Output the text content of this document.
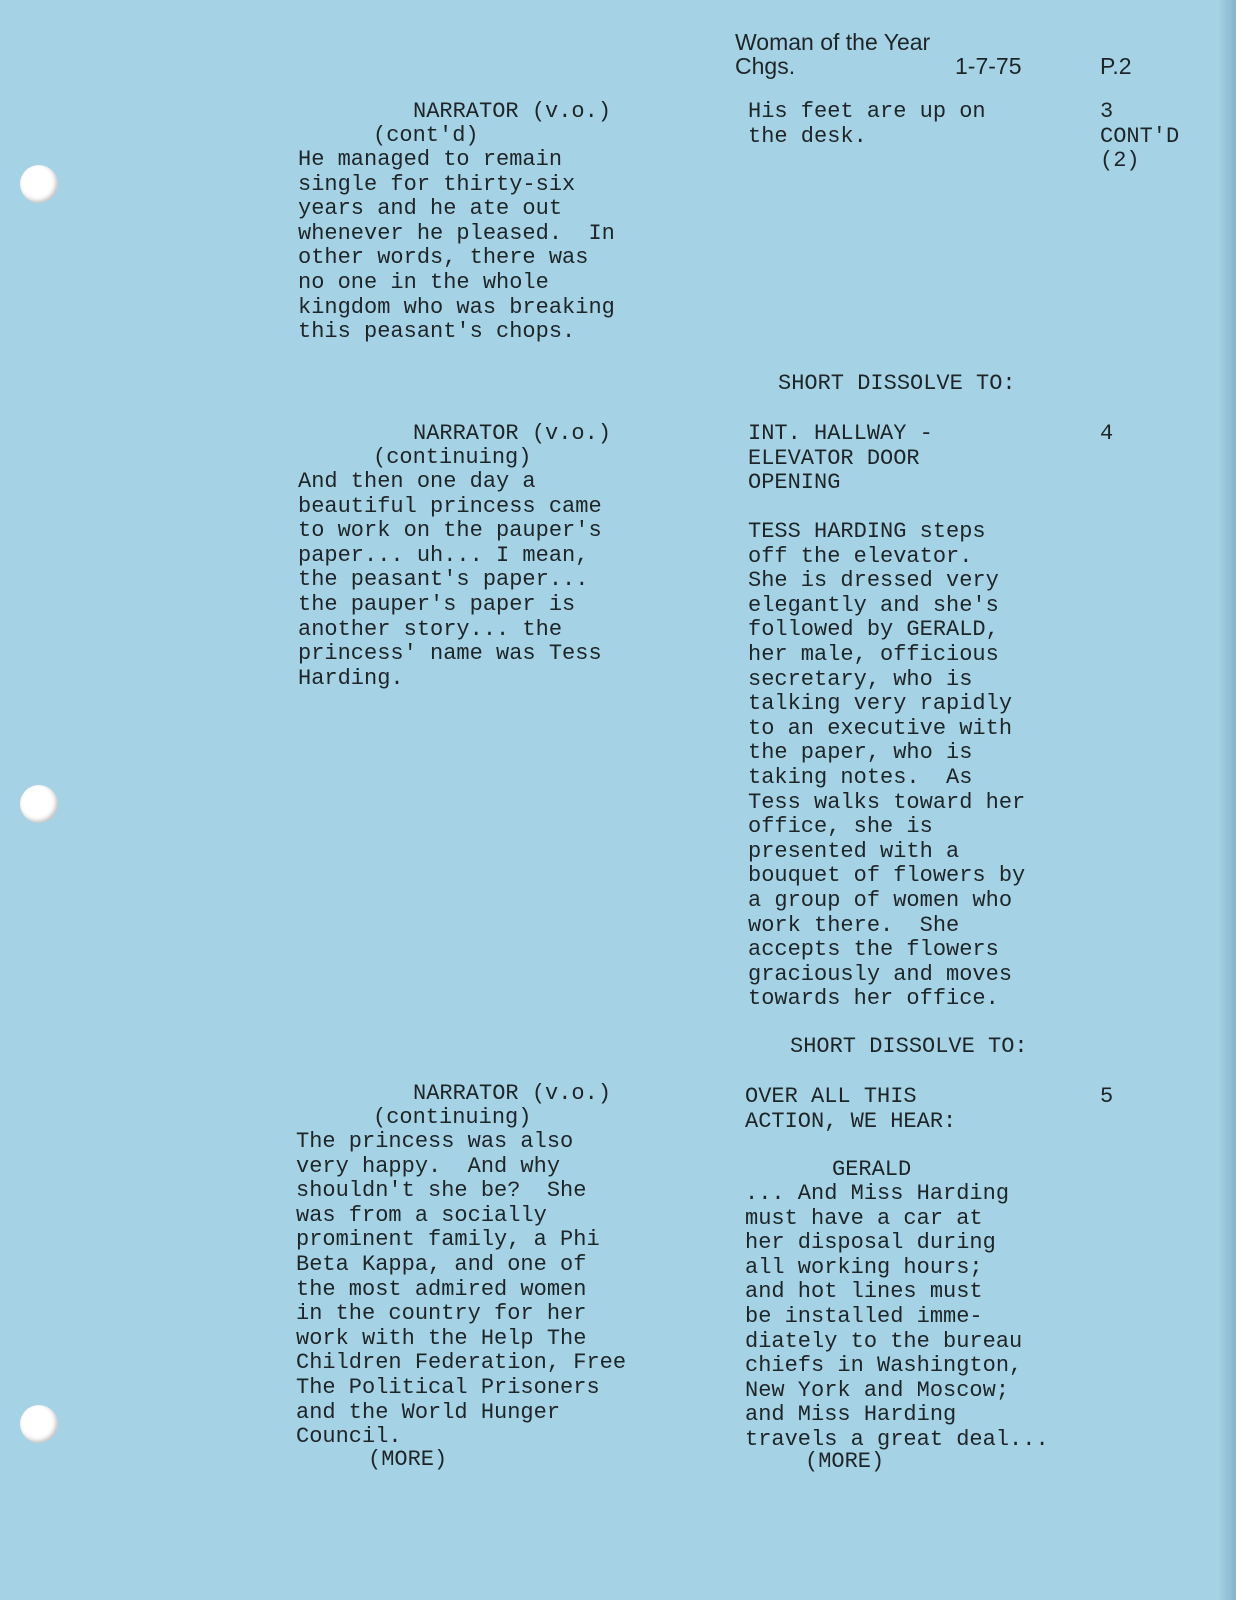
Woman of the Year
Chgs.	1-7-75	P.2
NARRATOR (v.o.)
(cont'd)
He managed to remain
single for thirty-six
years and he ate out
whenever he pleased.  In
other words, there was
no one in the whole
kingdom who was breaking
this peasant's chops.
His feet are up on
the desk.
3
CONT'D
(2)
SHORT DISSOLVE TO:
NARRATOR (v.o.)
(continuing)
And then one day a
beautiful princess came
to work on the pauper's
paper... uh... I mean,
the peasant's paper...
the pauper's paper is
another story... the
princess' name was Tess
Harding.
INT. HALLWAY -
ELEVATOR DOOR
OPENING
TESS HARDING steps
off the elevator.
She is dressed very
elegantly and she's
followed by GERALD,
her male, officious
secretary, who is
talking very rapidly
to an executive with
the paper, who is
taking notes.  As
Tess walks toward her
office, she is
presented with a
bouquet of flowers by
a group of women who
work there.  She
accepts the flowers
graciously and moves
towards her office.
4
SHORT DISSOLVE TO:
NARRATOR (v.o.)
(continuing)
The princess was also
very happy.  And why
shouldn't she be?  She
was from a socially
prominent family, a Phi
Beta Kappa, and one of
the most admired women
in the country for her
work with the Help The
Children Federation, Free
The Political Prisoners
and the World Hunger
Council.
(MORE)
OVER ALL THIS
ACTION, WE HEAR:
GERALD
... And Miss Harding
must have a car at
her disposal during
all working hours;
and hot lines must
be installed imme-
diately to the bureau
chiefs in Washington,
New York and Moscow;
and Miss Harding
travels a great deal...
(MORE)
5
